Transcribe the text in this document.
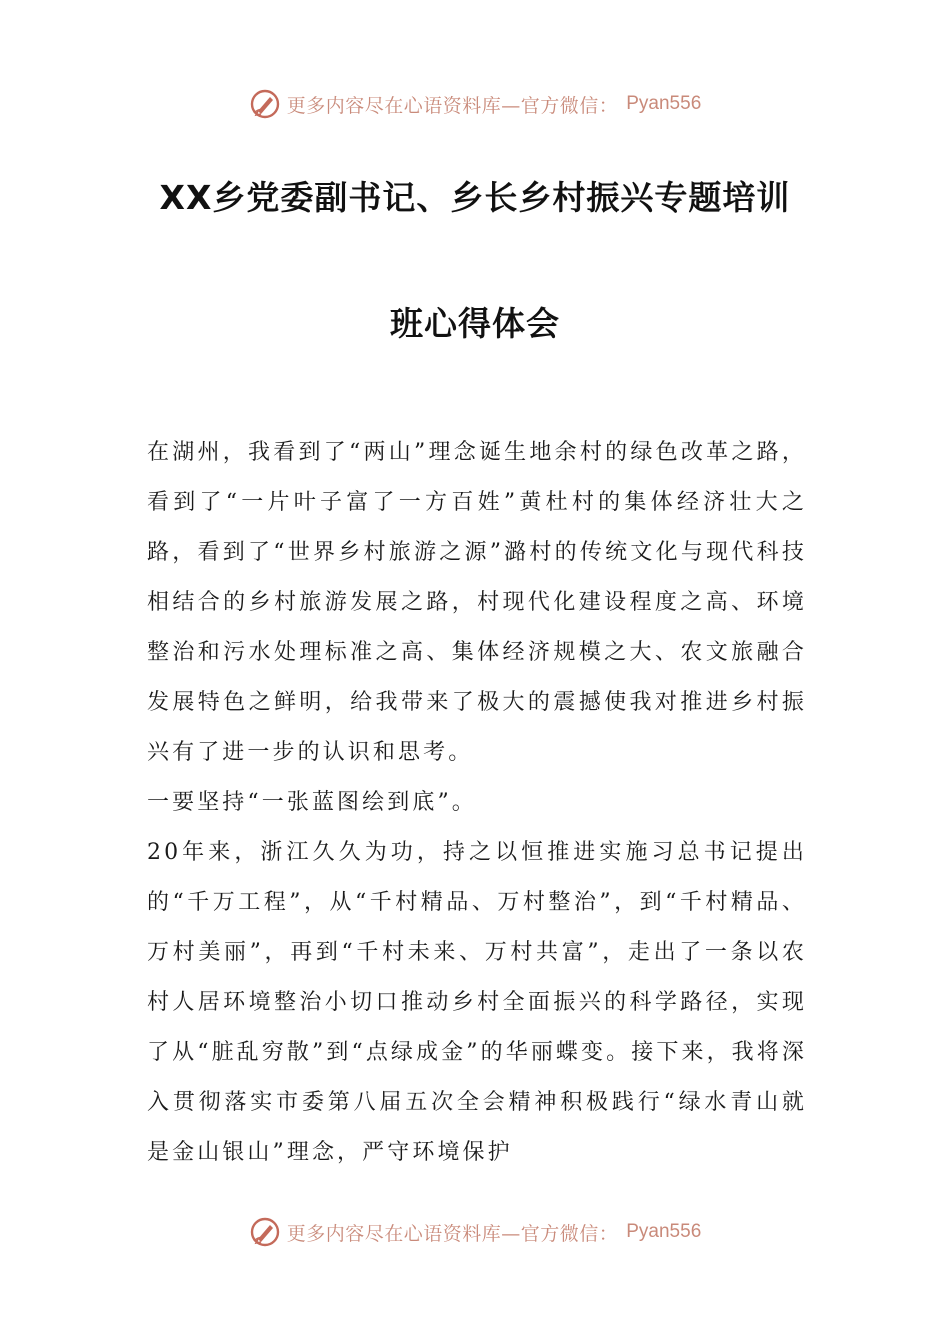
更多内容尽在心语资料库—官方微信： Pyan556
XX乡党委副书记、乡长乡村振兴专题培训
班心得体会

在湖州，我看到了“两山”理念诞生地余村的绿色改革之路，看到了“一片叶子富了一方百姓”黄杜村的集体经济壮大之路，看到了“世界乡村旅游之源”潞村的传统文化与现代科技相结合的乡村旅游发展之路，村现代化建设程度之高、环境整治和污水处理标准之高、集体经济规模之大、农文旅融合发展特色之鲜明，给我带来了极大的震撼使我对推进乡村振兴有了进一步的认识和思考。

一要坚持“一张蓝图绘到底”。

20年来，浙江久久为功，持之以恒推进实施习总书记提出的“千万工程”，从“千村精品、万村整治”，到“千村精品、万村美丽”，再到“千村未来、万村共富”，走出了一条以农村人居环境整治小切口推动乡村全面振兴的科学路径，实现了从“脏乱穷散”到“点绿成金”的华丽蝶变。接下来，我将深入贯彻落实市委第八届五次全会精神积极践行“绿水青山就是金山银山”理念，严守环境保护

更多内容尽在心语资料库—官方微信： Pyan556
